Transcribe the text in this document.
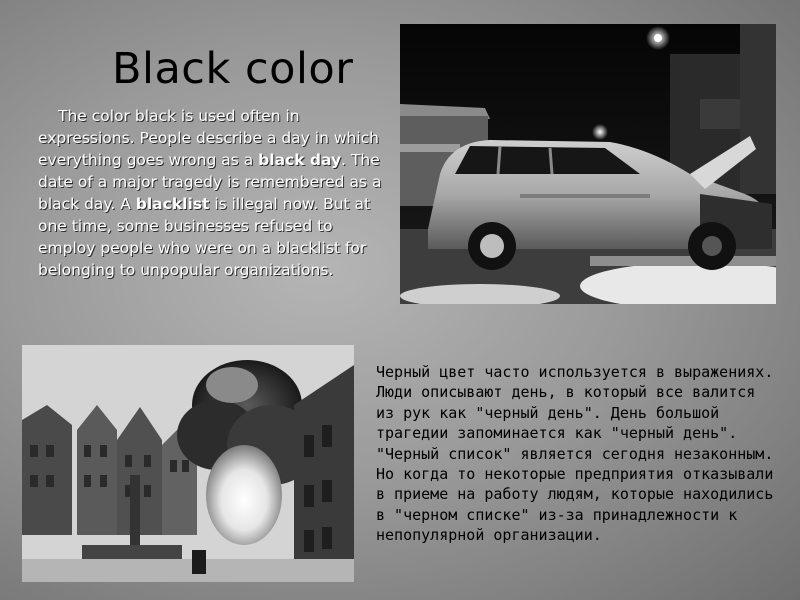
Black color

The color black is used often in expressions. People describe a day in which everything goes wrong as a black day. The date of a major tragedy is remembered as a black day. A blacklist is illegal now. But at one time, some businesses refused to employ people who were on a blacklist for belonging to unpopular organizations.

Черный цвет часто используется в выражениях. Люди описывают день, в который все валится из рук как "черный день". День большой трагедии запоминается как "черный день". "Черный список" является сегодня незаконным. Но когда то некоторые предприятия отказывали в приеме на работу людям, которые находились в "черном списке" из-за принадлежности к непопулярной организации.
